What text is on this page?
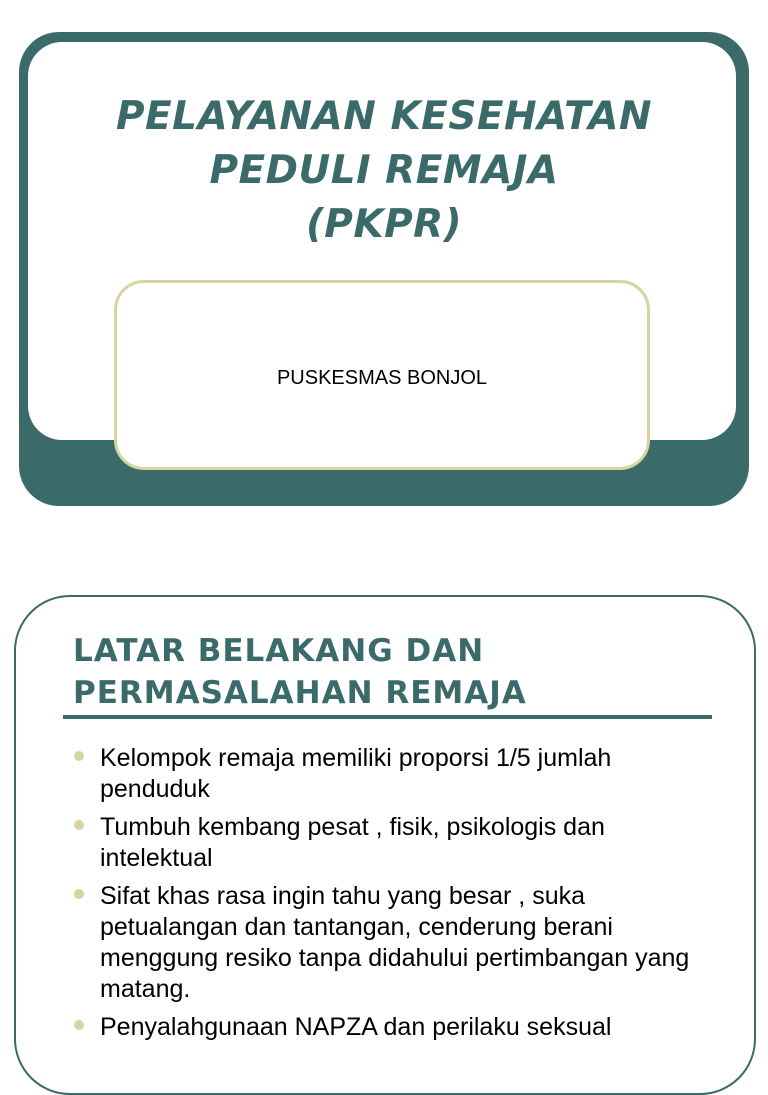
PELAYANAN KESEHATAN
PEDULI REMAJA
(PKPR)
PUSKESMAS BONJOL
LATAR BELAKANG DAN
PERMASALAHAN REMAJA
Kelompok remaja memiliki proporsi 1/5 jumlah penduduk
Tumbuh kembang pesat , fisik, psikologis dan intelektual
Sifat khas rasa ingin tahu yang besar , suka petualangan dan tantangan, cenderung berani menggung resiko tanpa didahului pertimbangan yang matang.
Penyalahgunaan NAPZA dan perilaku seksual
